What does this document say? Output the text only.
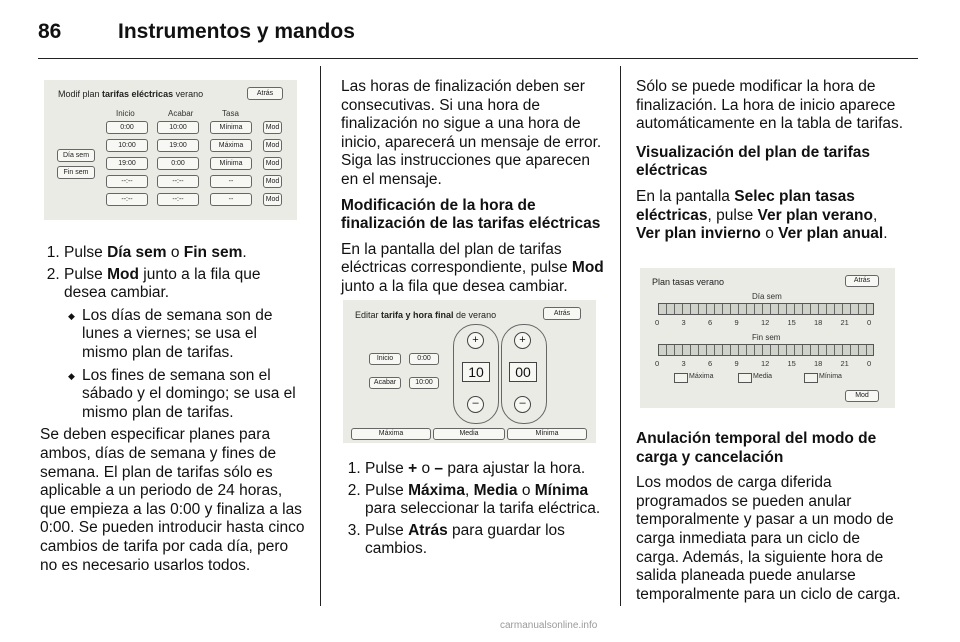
86	Instrumentos y mandos
Modif plan tarifas eléctricas verano	Atrás
Inicio	Acabar	Tasa
Día sem
Fin sem
0:00	10:00	Mínima	Mod
10:00	19:00	Máxima	Mod
19:00	0:00	Mínima	Mod
--:--	--:--	--	Mod
--:--	--:--	--	Mod
1. Pulse Día sem o Fin sem.
2. Pulse Mod junto a la fila que desea cambiar.
◆ Los días de semana son de lunes a viernes; se usa el mismo plan de tarifas.
◆ Los fines de semana son el sábado y el domingo; se usa el mismo plan de tarifas.

Se deben especificar planes para ambos, días de semana y fines de semana. El plan de tarifas sólo es aplicable a un periodo de 24 horas, que empieza a las 0:00 y finaliza a las 0:00. Se pueden introducir hasta cinco cambios de tarifa por cada día, pero no es necesario usarlos todos.

Las horas de finalización deben ser consecutivas. Si una hora de finalización no sigue a una hora de inicio, aparecerá un mensaje de error. Siga las instrucciones que aparecen en el mensaje.

Modificación de la hora de finalización de las tarifas eléctricas

En la pantalla del plan de tarifas eléctricas correspondiente, pulse Mod junto a la fila que desea cambiar.

Editar tarifa y hora final de verano	Atrás
Inicio	0:00
Acabar	10:00
+
10
–
+
00
–
Máxima	Media	Mínima
1. Pulse + o – para ajustar la hora.
2. Pulse Máxima, Media o Mínima para seleccionar la tarifa eléctrica.
3. Pulse Atrás para guardar los cambios.

Sólo se puede modificar la hora de finalización. La hora de inicio aparece automáticamente en la tabla de tarifas.

Visualización del plan de tarifas eléctricas

En la pantalla Selec plan tasas eléctricas, pulse Ver plan verano, Ver plan invierno o Ver plan anual.

Plan tasas verano	Atrás
Día sem
0	3	6	9	12 15 18 21 0
Fin sem
0	3	6	9	12 15 18 21 0
Máxima	Media	Mínima
Mod

Anulación temporal del modo de carga y cancelación

Los modos de carga diferida programados se pueden anular temporalmente y pasar a un modo de carga inmediata para un ciclo de carga. Además, la siguiente hora de salida planeada puede anularse temporalmente para un ciclo de carga.

carmanualsonline.info
